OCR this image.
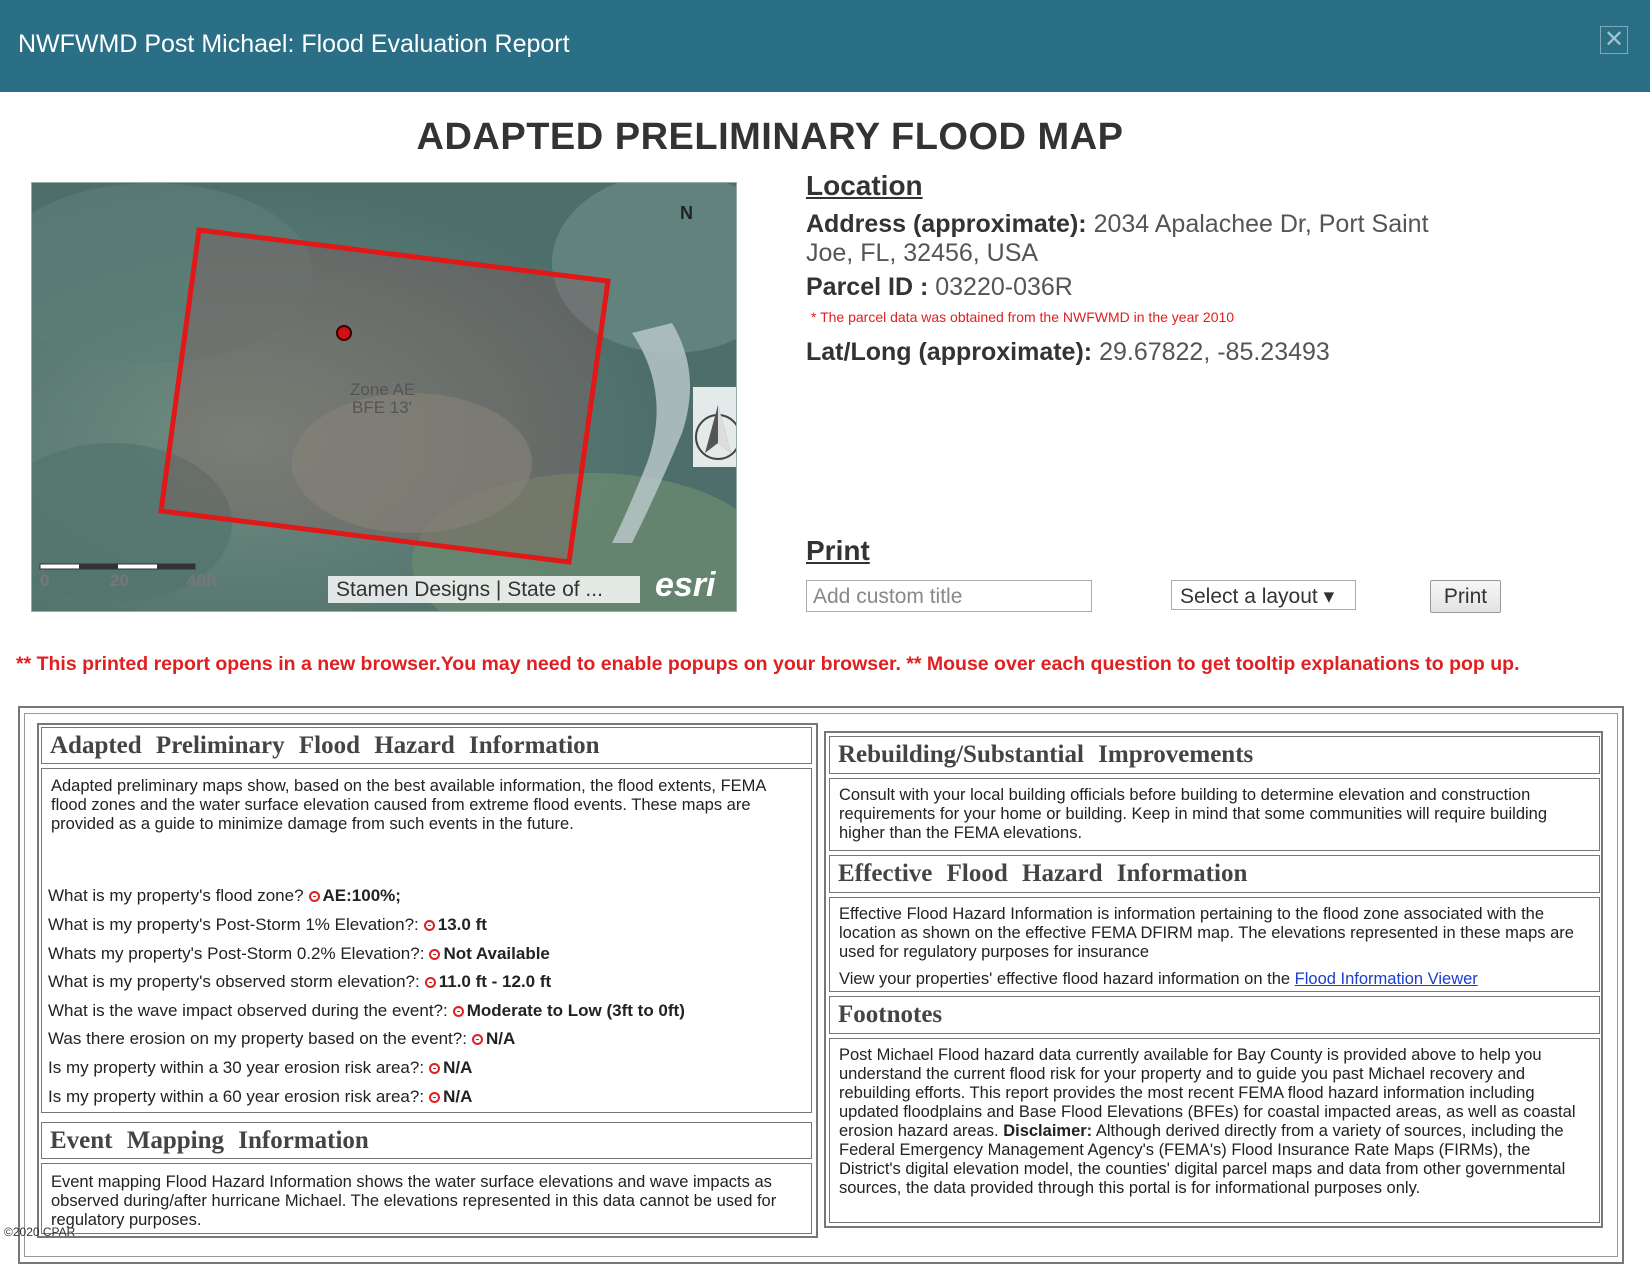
NWFWMD Post Michael: Flood Evaluation Report	✕
ADAPTED PRELIMINARY FLOOD MAP
N
Zone AE
BFE 13'
0	20	40ft	Stamen Designs | State of ...	esri
Location
Address (approximate): 2034 Apalachee Dr, Port Saint
Joe, FL, 32456, USA
Parcel ID : 03220-036R
* The parcel data was obtained from the NWFWMD in the year 2010
Lat/Long (approximate): 29.67822, -85.23493
Print
Add custom title	Select a layout ▾	Print
** This printed report opens in a new browser.You may need to enable popups on your browser. ** Mouse over each question to get tooltip explanations to pop up.
Adapted Preliminary Flood Hazard Information
Adapted preliminary maps show, based on the best available information, the flood extents, FEMA flood zones and the water surface elevation caused from extreme flood events. These maps are provided as a guide to minimize damage from such events in the future.
What is my property's flood zone? AE:100%;
What is my property's Post-Storm 1% Elevation?: 13.0 ft
Whats my property's Post-Storm 0.2% Elevation?: Not Available
What is my property's observed storm elevation?: 11.0 ft - 12.0 ft
What is the wave impact observed during the event?: Moderate to Low (3ft to 0ft)
Was there erosion on my property based on the event?: N/A
Is my property within a 30 year erosion risk area?: N/A
Is my property within a 60 year erosion risk area?: N/A
Event Mapping Information
Event mapping Flood Hazard Information shows the water surface elevations and wave impacts as observed during/after hurricane Michael. The elevations represented in this data cannot be used for regulatory purposes.
Rebuilding/Substantial Improvements
Consult with your local building officials before building to determine elevation and construction requirements for your home or building. Keep in mind that some communities will require building higher than the FEMA elevations.
Effective Flood Hazard Information
Effective Flood Hazard Information is information pertaining to the flood zone associated with the location as shown on the effective FEMA DFIRM map. The elevations represented in these maps are used for regulatory purposes for insurance
View your properties' effective flood hazard information on the Flood Information Viewer
Footnotes
Post Michael Flood hazard data currently available for Bay County is provided above to help you understand the current flood risk for your property and to guide you past Michael recovery and rebuilding efforts. This report provides the most recent FEMA flood hazard information including updated floodplains and Base Flood Elevations (BFEs) for coastal impacted areas, as well as coastal erosion hazard areas. Disclaimer: Although derived directly from a variety of sources, including the Federal Emergency Management Agency's (FEMA's) Flood Insurance Rate Maps (FIRMs), the District's digital elevation model, the counties' digital parcel maps and data from other governmental sources, the data provided through this portal is for informational purposes only.
©2020 CPAR
